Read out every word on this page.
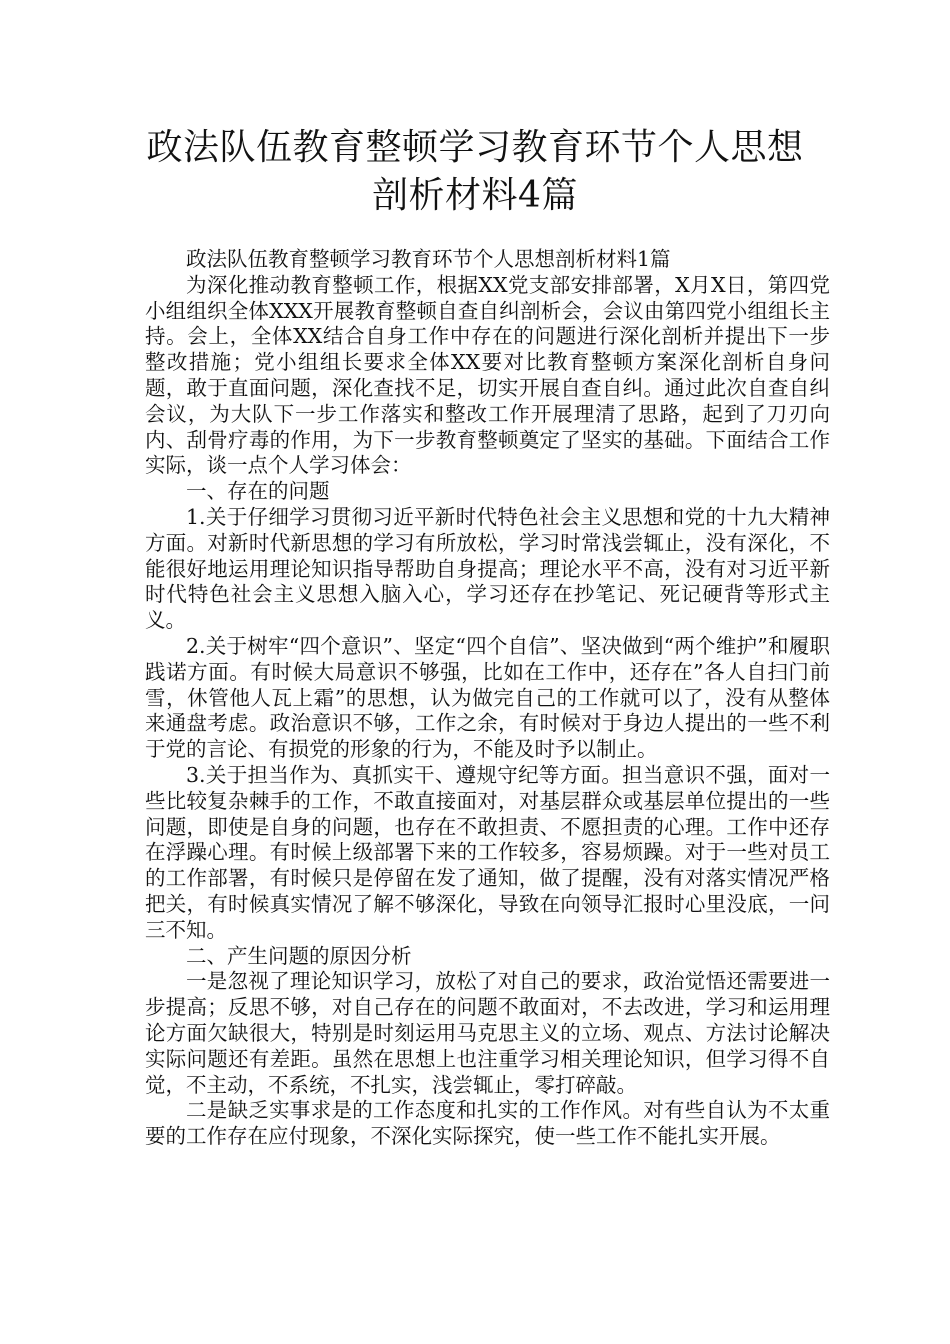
政法队伍教育整顿学习教育环节个人思想
剖析材料4篇

政法队伍教育整顿学习教育环节个人思想剖析材料1篇

为深化推动教育整顿工作，根据XX党支部安排部署，X月X日，第四党小组组织全体XXX开展教育整顿自查自纠剖析会，会议由第四党小组组长主持。会上，全体XX结合自身工作中存在的问题进行深化剖析并提出下一步整改措施；党小组组长要求全体XX要对比教育整顿方案深化剖析自身问题，敢于直面问题，深化查找不足，切实开展自查自纠。通过此次自查自纠会议，为大队下一步工作落实和整改工作开展理清了思路，起到了刀刃向内、刮骨疗毒的作用，为下一步教育整顿奠定了坚实的基础。下面结合工作实际，谈一点个人学习体会：

一、存在的问题

1.关于仔细学习贯彻习近平新时代特色社会主义思想和党的十九大精神方面。对新时代新思想的学习有所放松，学习时常浅尝辄止，没有深化，不能很好地运用理论知识指导帮助自身提高；理论水平不高，没有对习近平新时代特色社会主义思想入脑入心，学习还存在抄笔记、死记硬背等形式主义。

2.关于树牢“四个意识”、坚定“四个自信”、坚决做到“两个维护”和履职践诺方面。有时候大局意识不够强，比如在工作中，还存在”各人自扫门前雪，休管他人瓦上霜”的思想，认为做完自己的工作就可以了，没有从整体来通盘考虑。政治意识不够，工作之余，有时候对于身边人提出的一些不利于党的言论、有损党的形象的行为，不能及时予以制止。

3.关于担当作为、真抓实干、遵规守纪等方面。担当意识不强，面对一些比较复杂棘手的工作，不敢直接面对，对基层群众或基层单位提出的一些问题，即使是自身的问题，也存在不敢担责、不愿担责的心理。工作中还存在浮躁心理。有时候上级部署下来的工作较多，容易烦躁。对于一些对员工的工作部署，有时候只是停留在发了通知，做了提醒，没有对落实情况严格把关，有时候真实情况了解不够深化，导致在向领导汇报时心里没底，一问三不知。

二、产生问题的原因分析

一是忽视了理论知识学习，放松了对自己的要求，政治觉悟还需要进一步提高；反思不够，对自己存在的问题不敢面对，不去改进，学习和运用理论方面欠缺很大，特别是时刻运用马克思主义的立场、观点、方法讨论解决实际问题还有差距。虽然在思想上也注重学习相关理论知识，但学习得不自觉，不主动，不系统，不扎实，浅尝辄止，零打碎敲。

二是缺乏实事求是的工作态度和扎实的工作作风。对有些自认为不太重要的工作存在应付现象，不深化实际探究，使一些工作不能扎实开展。
